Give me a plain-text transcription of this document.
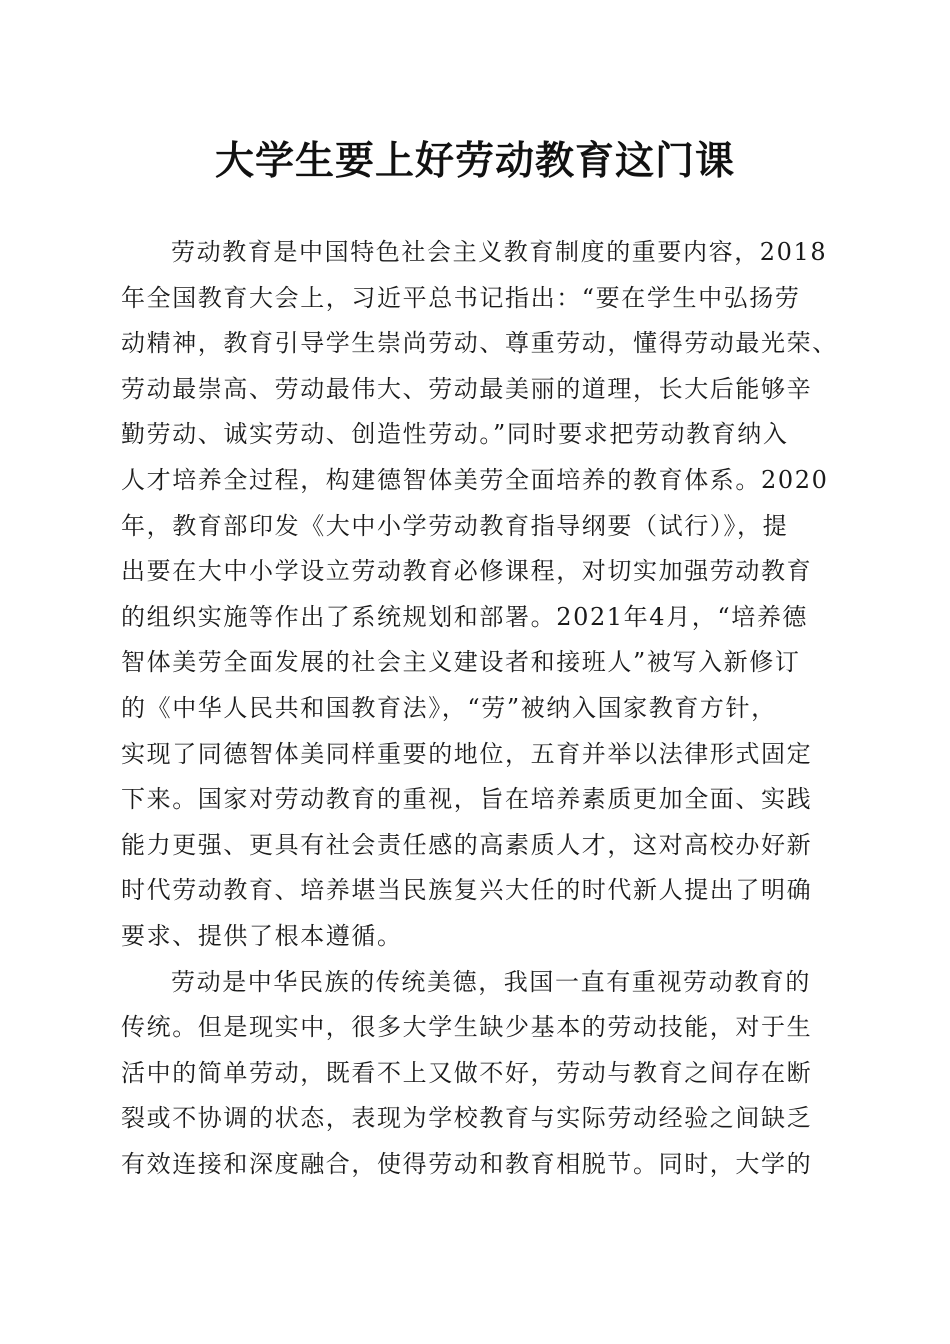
大学生要上好劳动教育这门课
劳动教育是中国特色社会主义教育制度的重要内容，2018
年全国教育大会上，习近平总书记指出：“要在学生中弘扬劳
动精神，教育引导学生崇尚劳动、尊重劳动，懂得劳动最光荣、
劳动最崇高、劳动最伟大、劳动最美丽的道理，长大后能够辛
勤劳动、诚实劳动、创造性劳动。”同时要求把劳动教育纳入
人才培养全过程，构建德智体美劳全面培养的教育体系。2020
年，教育部印发《大中小学劳动教育指导纲要（试行）》，提
出要在大中小学设立劳动教育必修课程，对切实加强劳动教育
的组织实施等作出了系统规划和部署。2021年4月，“培养德
智体美劳全面发展的社会主义建设者和接班人”被写入新修订
的《中华人民共和国教育法》，“劳”被纳入国家教育方针，
实现了同德智体美同样重要的地位，五育并举以法律形式固定
下来。国家对劳动教育的重视，旨在培养素质更加全面、实践
能力更强、更具有社会责任感的高素质人才，这对高校办好新
时代劳动教育、培养堪当民族复兴大任的时代新人提出了明确
要求、提供了根本遵循。
劳动是中华民族的传统美德，我国一直有重视劳动教育的
传统。但是现实中，很多大学生缺少基本的劳动技能，对于生
活中的简单劳动，既看不上又做不好，劳动与教育之间存在断
裂或不协调的状态，表现为学校教育与实际劳动经验之间缺乏
有效连接和深度融合，使得劳动和教育相脱节。同时，大学的
